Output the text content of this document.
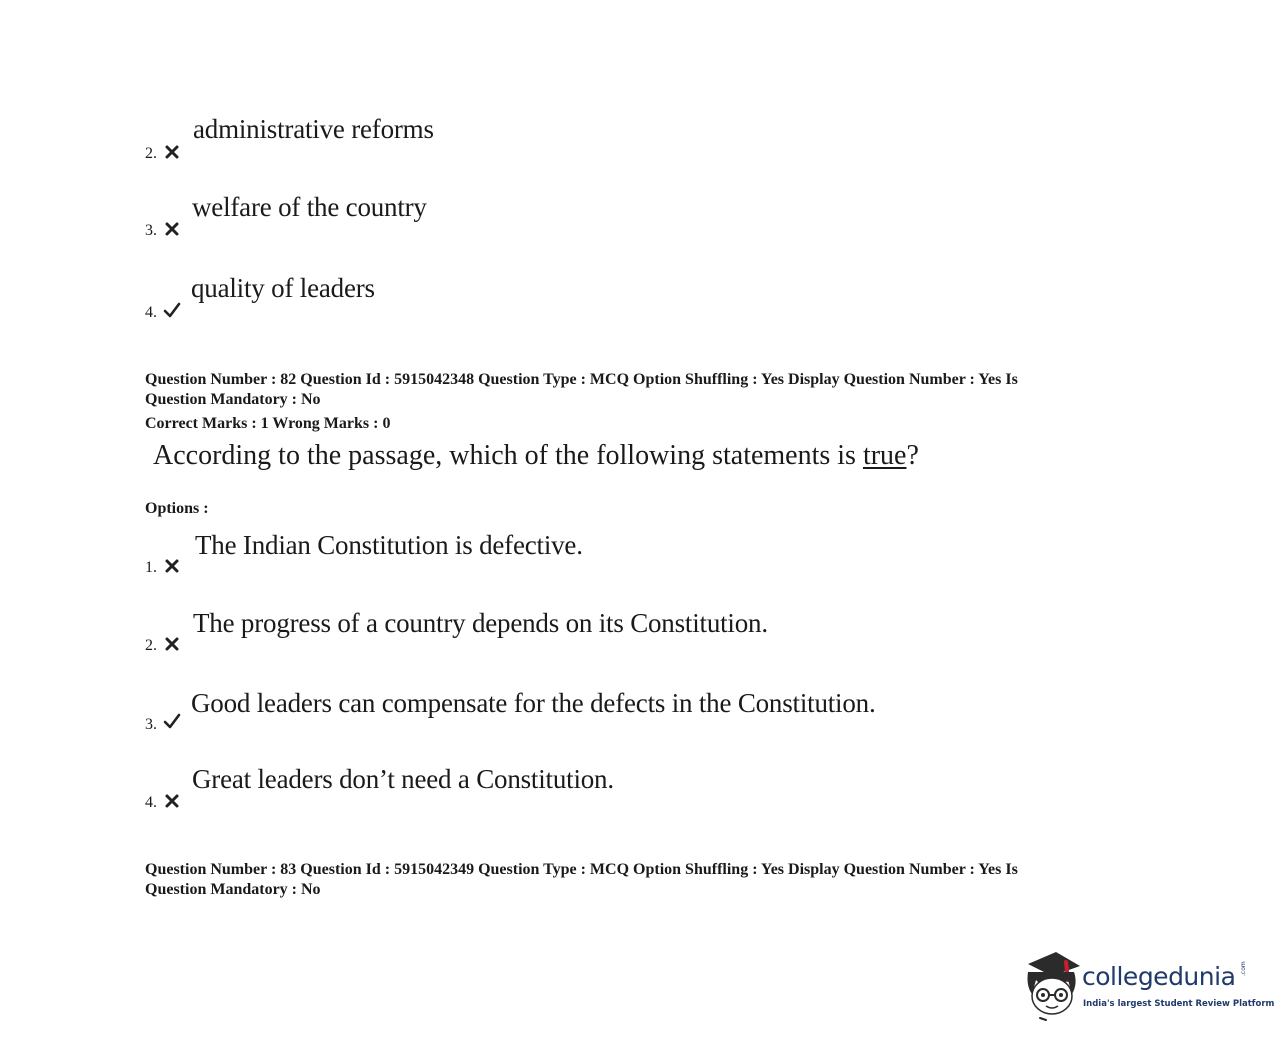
administrative reforms
2.
welfare of the country
3.
quality of leaders
4.
Question Number : 82 Question Id : 5915042348 Question Type : MCQ Option Shuffling : Yes Display Question Number : Yes Is
Question Mandatory : No
Correct Marks : 1 Wrong Marks : 0
According to the passage, which of the following statements is true?
Options :
The Indian Constitution is defective.
1.
The progress of a country depends on its Constitution.
2.
Good leaders can compensate for the defects in the Constitution.
3.
Great leaders don’t need a Constitution.
4.
Question Number : 83 Question Id : 5915042349 Question Type : MCQ Option Shuffling : Yes Display Question Number : Yes Is
Question Mandatory : No
collegedunia .com
India's largest Student Review Platform
